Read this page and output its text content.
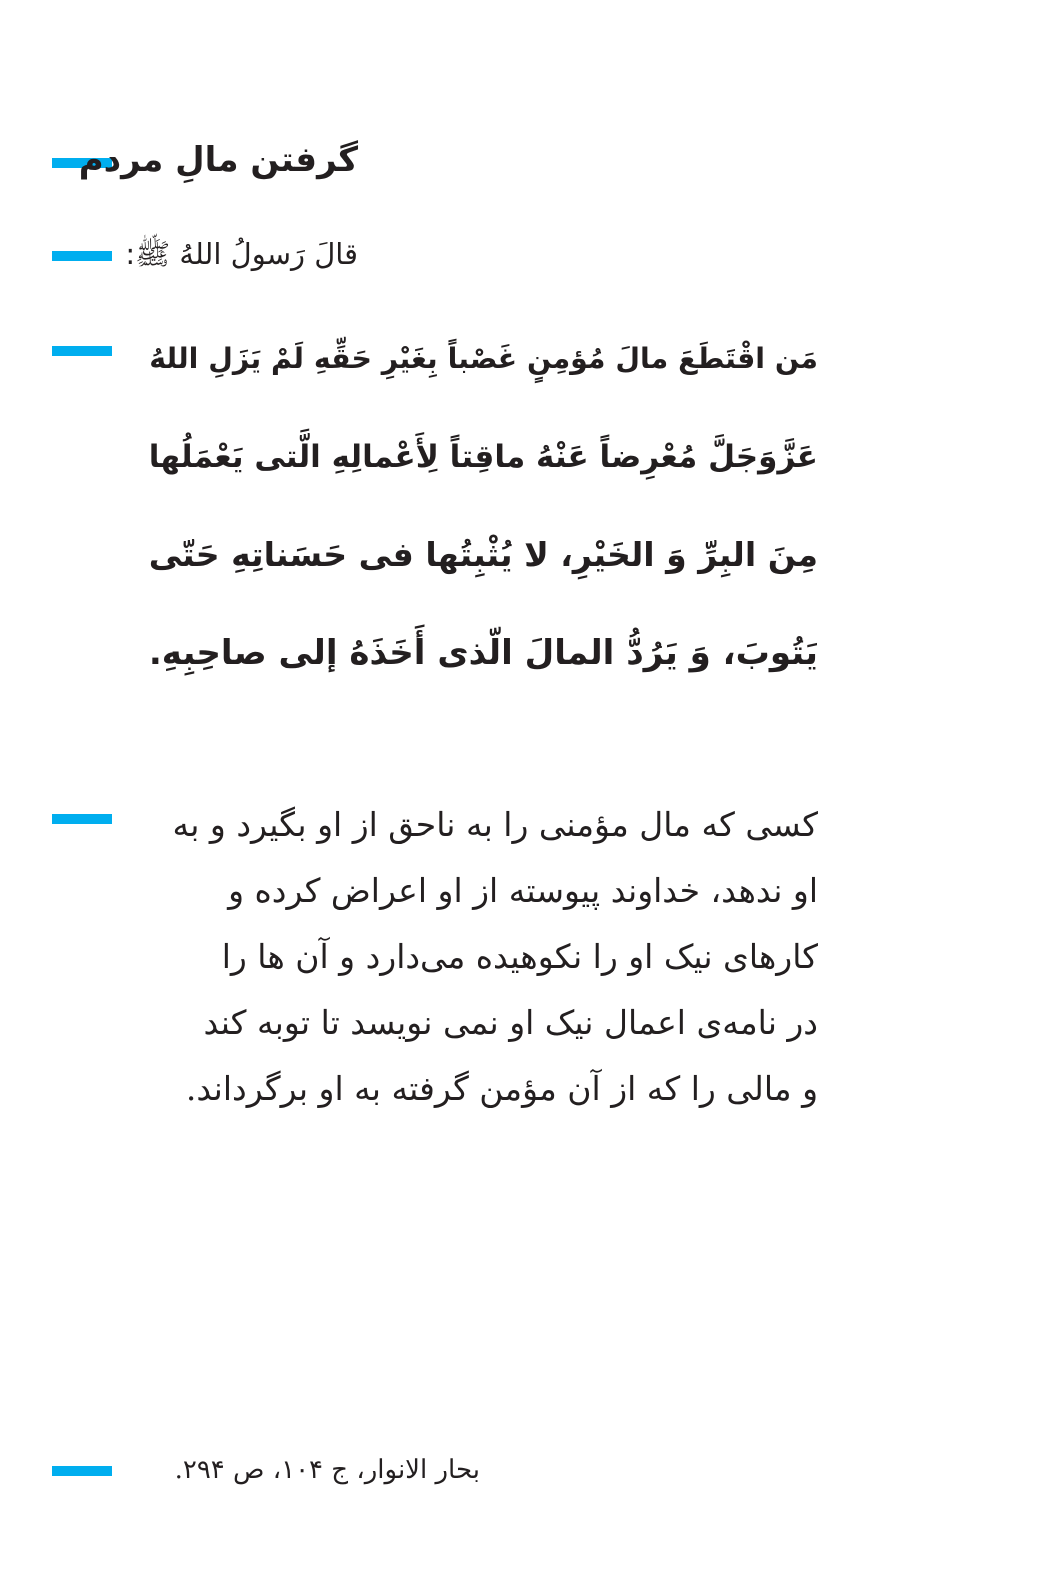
گرفتن مالِ مردم
قالَ رَسولُ اللهُ ﷺ:
مَن اقْتَطَعَ مالَ مُؤمِنٍ غَصْباً بِغَيْرِ حَقِّهِ لَمْ يَزَلِ اللهُ
عَزَّوَجَلَّ مُعْرِضاً عَنْهُ ماقِتاً لِأَعْمالِهِ الَّتى يَعْمَلُها
مِنَ البِرِّ وَ الخَيْرِ، لا يُثْبِتُها فى حَسَناتِهِ حَتّى
يَتُوبَ، وَ يَرُدُّ المالَ الّذى أَخَذَهُ إلى صاحِبِهِ.
کسی که مال مؤمنی را به ناحق از او بگیرد و به
او ندهد، خداوند پیوسته از او اعراض کرده و
کارهای نیک او را نکوهیده می‌دارد و آن ها را
در نامه‌ی اعمال نیک او نمی نویسد تا توبه کند
و مالی را که از آن مؤمن گرفته به او برگرداند.
بحار الانوار، ج ۱۰۴، ص ۲۹۴.
